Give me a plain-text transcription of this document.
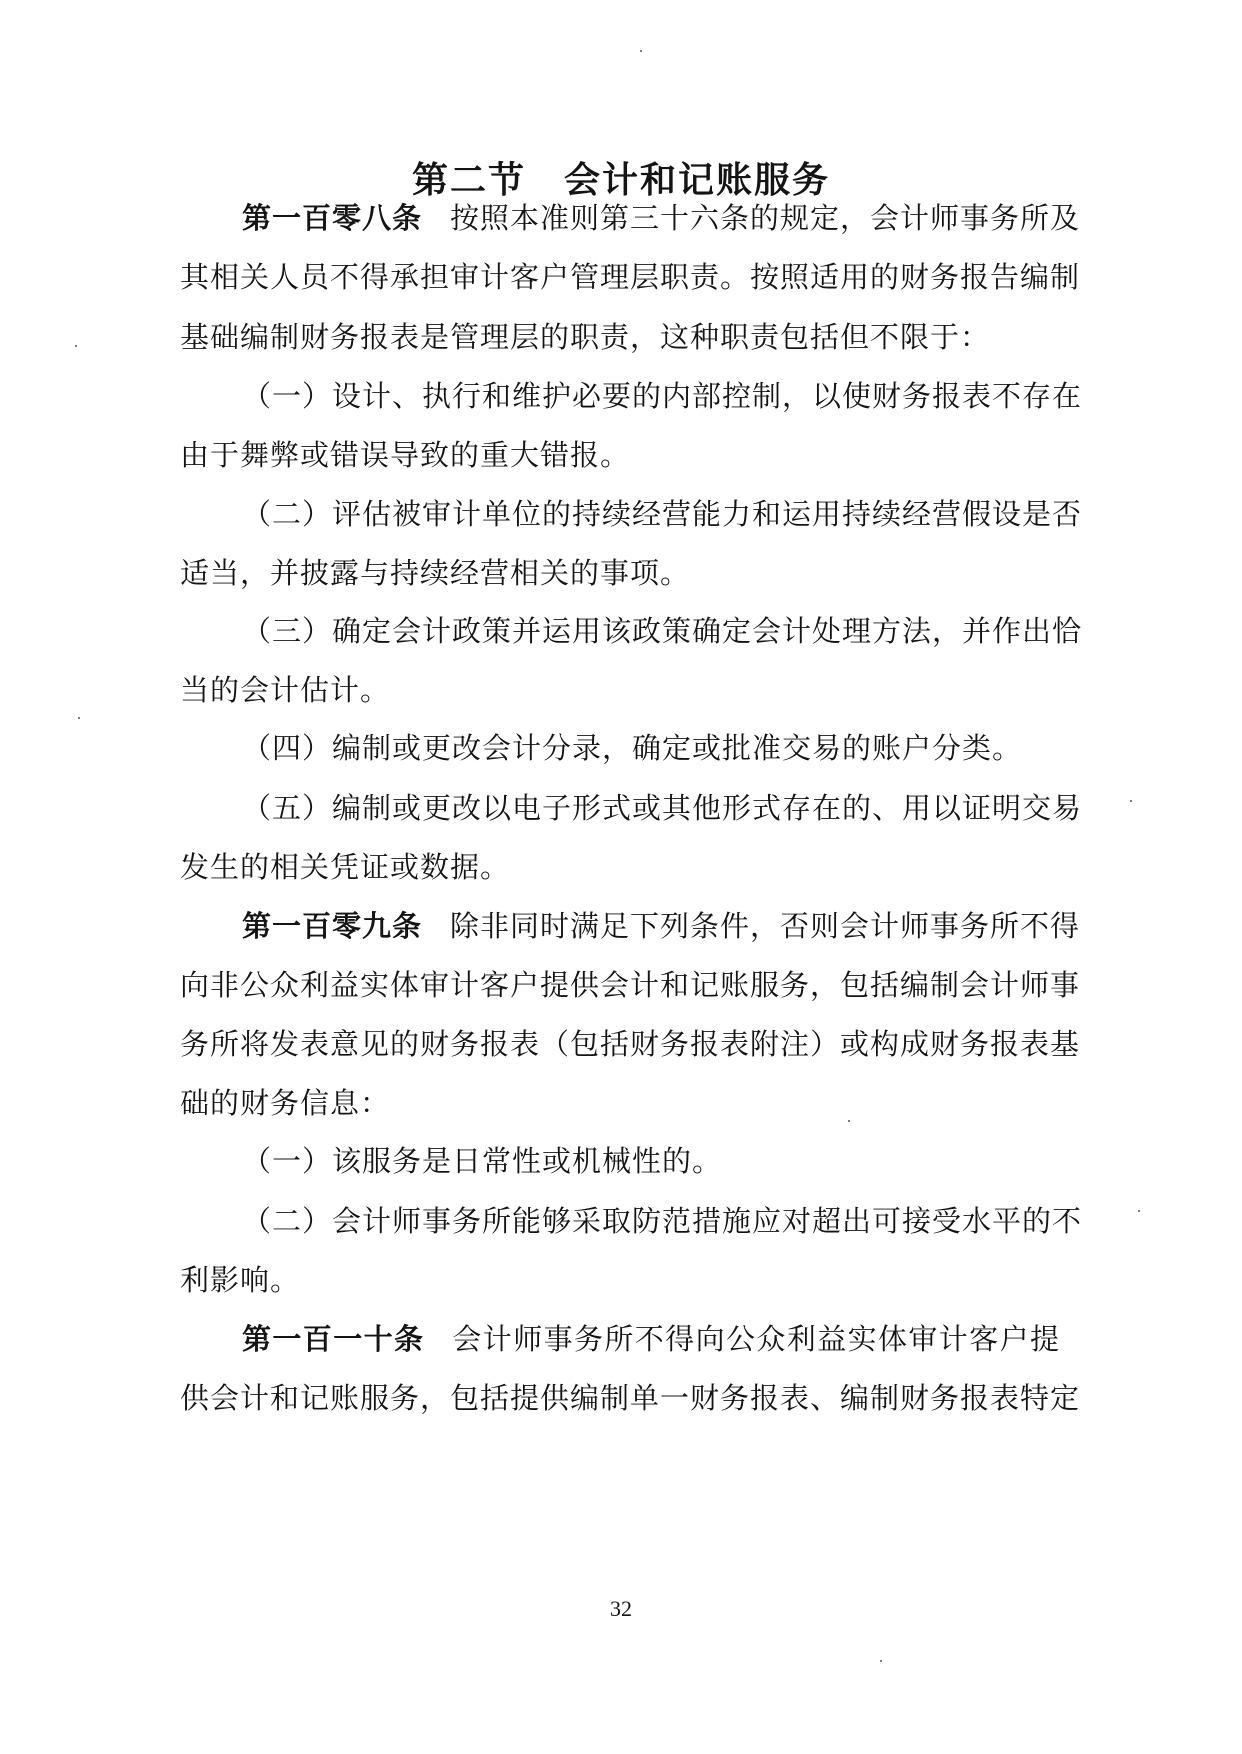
第二节　会计和记账服务
第一百零八条 按照本准则第三十六条的规定，会计师事务所及
其相关人员不得承担审计客户管理层职责。按照适用的财务报告编制
基础编制财务报表是管理层的职责，这种职责包括但不限于：
（一）设计、执行和维护必要的内部控制，以使财务报表不存在
由于舞弊或错误导致的重大错报。
（二）评估被审计单位的持续经营能力和运用持续经营假设是否
适当，并披露与持续经营相关的事项。
（三）确定会计政策并运用该政策确定会计处理方法，并作出恰
当的会计估计。
（四）编制或更改会计分录，确定或批准交易的账户分类。
（五）编制或更改以电子形式或其他形式存在的、用以证明交易
发生的相关凭证或数据。
第一百零九条 除非同时满足下列条件，否则会计师事务所不得
向非公众利益实体审计客户提供会计和记账服务，包括编制会计师事
务所将发表意见的财务报表（包括财务报表附注）或构成财务报表基
础的财务信息：
（一）该服务是日常性或机械性的。
（二）会计师事务所能够采取防范措施应对超出可接受水平的不
利影响。
第一百一十条 会计师事务所不得向公众利益实体审计客户提
供会计和记账服务，包括提供编制单一财务报表、编制财务报表特定
32
